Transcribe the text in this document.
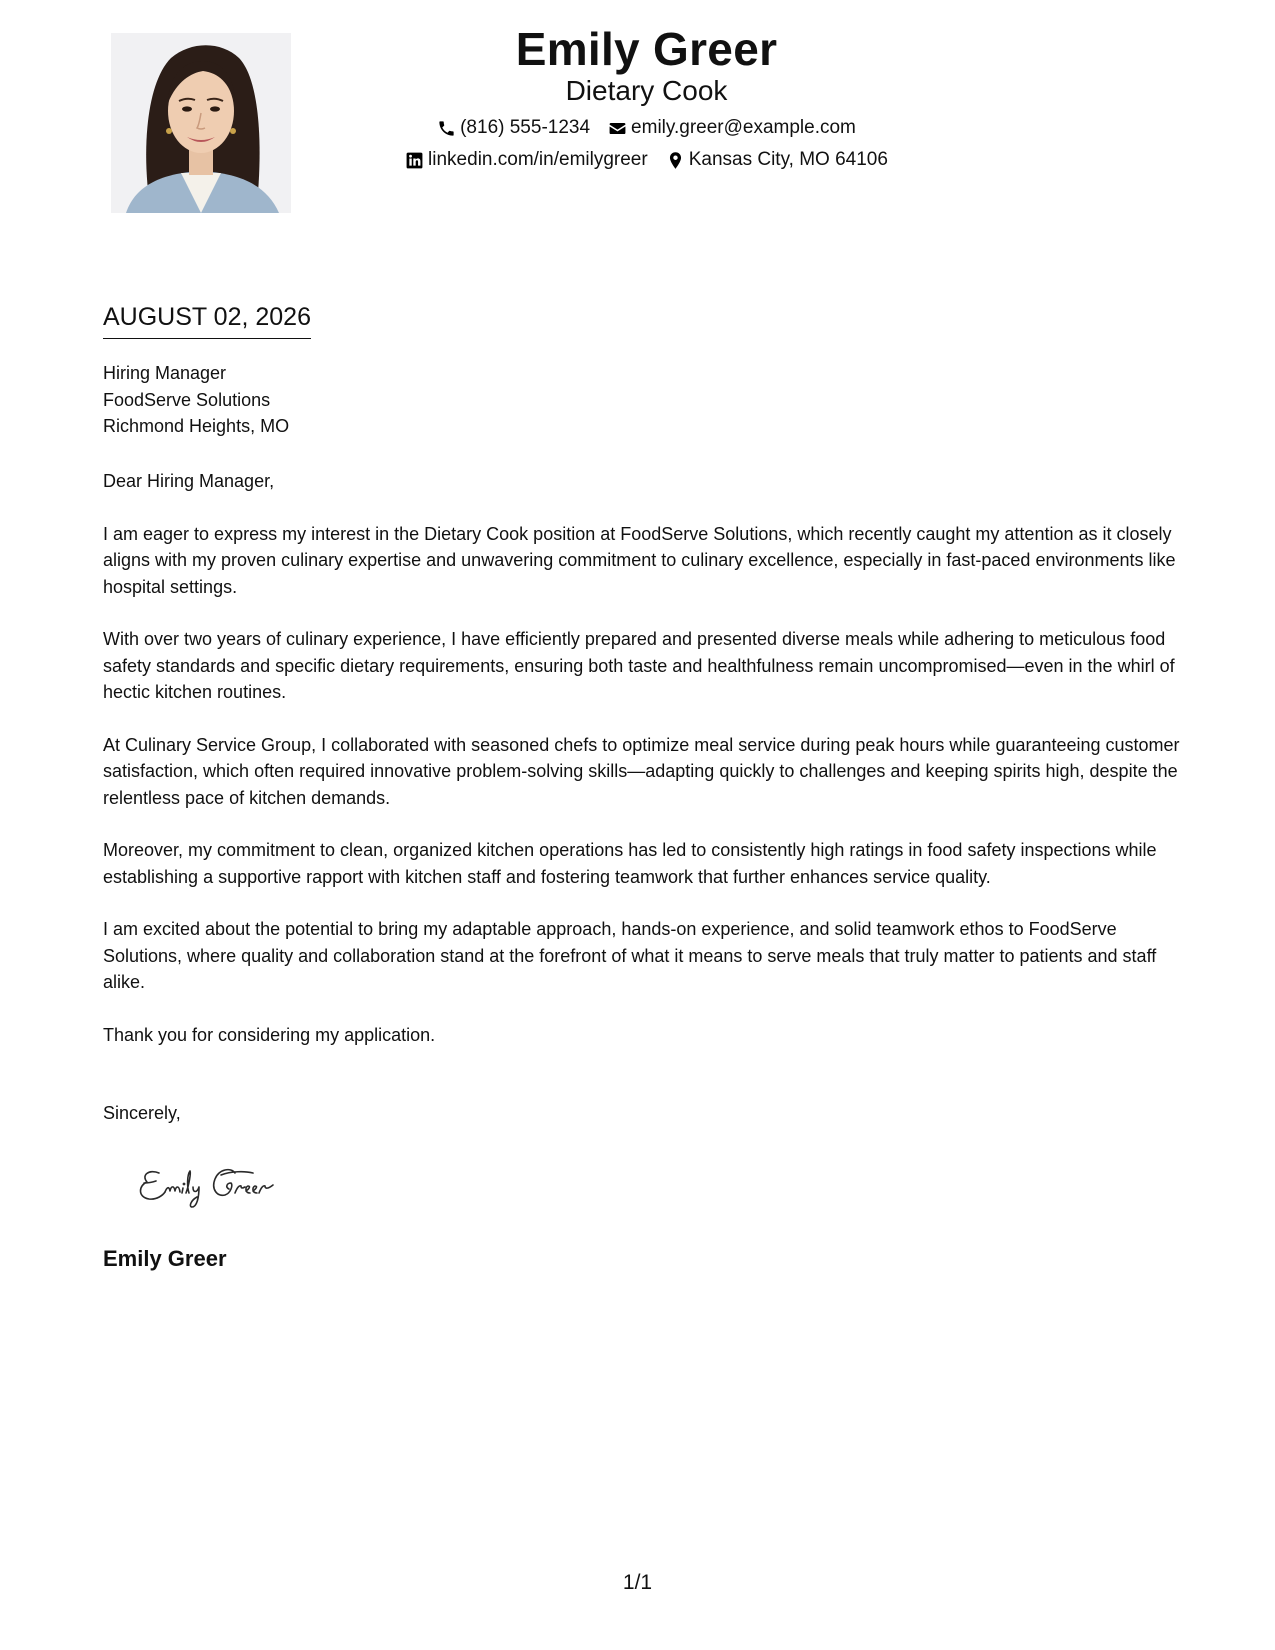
Emily Greer
Dietary Cook
(816) 555-1234 emily.greer@example.com
linkedin.com/in/emilygreer Kansas City, MO 64106
AUGUST 02, 2026
Hiring Manager
FoodServe Solutions
Richmond Heights, MO

Dear Hiring Manager,

I am eager to express my interest in the Dietary Cook position at FoodServe Solutions, which recently caught my attention as it closely aligns with my proven culinary expertise and unwavering commitment to culinary excellence, especially in fast-paced environments like hospital settings.

With over two years of culinary experience, I have efficiently prepared and presented diverse meals while adhering to meticulous food safety standards and specific dietary requirements, ensuring both taste and healthfulness remain uncompromised—even in the whirl of hectic kitchen routines.

At Culinary Service Group, I collaborated with seasoned chefs to optimize meal service during peak hours while guaranteeing customer satisfaction, which often required innovative problem-solving skills—adapting quickly to challenges and keeping spirits high, despite the relentless pace of kitchen demands.

Moreover, my commitment to clean, organized kitchen operations has led to consistently high ratings in food safety inspections while establishing a supportive rapport with kitchen staff and fostering teamwork that further enhances service quality.

I am excited about the potential to bring my adaptable approach, hands-on experience, and solid teamwork ethos to FoodServe Solutions, where quality and collaboration stand at the forefront of what it means to serve meals that truly matter to patients and staff alike.

Thank you for considering my application.

Sincerely,
Emily Greer
1/1
